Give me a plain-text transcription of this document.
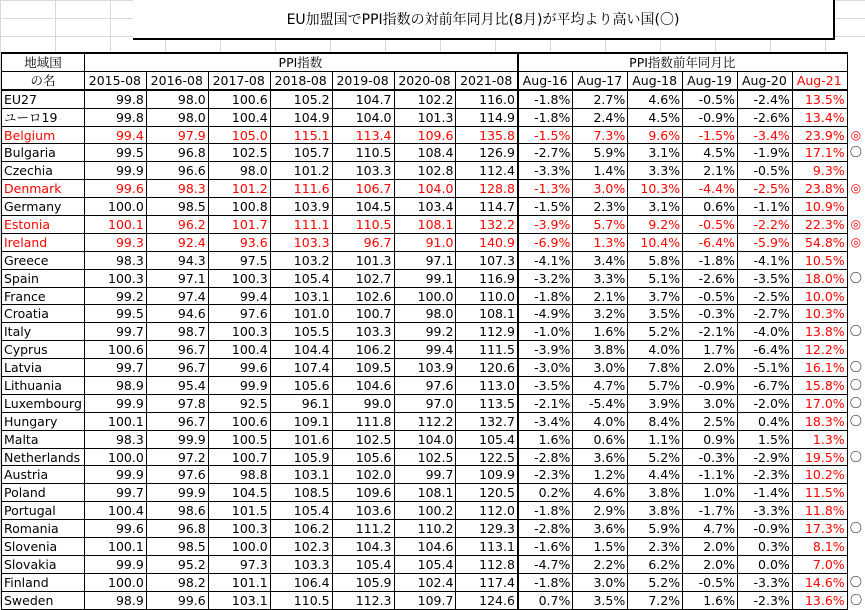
EU加盟国でPPI指数の対前年同月比(8月)が平均より高い国(〇)
地域国	PPI指数							PPI指数前年同月比						
の名	2015-08	2016-08	2017-08	2018-08	2019-08	2020-08	2021-08	Aug-16	Aug-17	Aug-18	Aug-19	Aug-20	Aug-21	
EU27	99.8	98.0	100.6	105.2	104.7	102.2	116.0	-1.8%	2.7%	4.6%	-0.5%	-2.4%	13.5%	
ユーロ19	99.8	98.0	100.4	104.9	104.0	101.3	114.9	-1.8%	2.4%	4.5%	-0.9%	-2.6%	13.4%	
Belgium	99.4	97.9	105.0	115.1	113.4	109.6	135.8	-1.5%	7.3%	9.6%	-1.5%	-3.4%	23.9%	◎
Bulgaria	99.5	96.8	102.5	105.7	110.5	108.4	126.9	-2.7%	5.9%	3.1%	4.5%	-1.9%	17.1%	〇
Czechia	99.9	96.6	98.0	101.2	103.3	102.8	112.4	-3.3%	1.4%	3.3%	2.1%	-0.5%	9.3%	
Denmark	99.6	98.3	101.2	111.6	106.7	104.0	128.8	-1.3%	3.0%	10.3%	-4.4%	-2.5%	23.8%	◎
Germany	100.0	98.5	100.8	103.9	104.5	103.4	114.7	-1.5%	2.3%	3.1%	0.6%	-1.1%	10.9%	
Estonia	100.1	96.2	101.7	111.1	110.5	108.1	132.2	-3.9%	5.7%	9.2%	-0.5%	-2.2%	22.3%	◎
Ireland	99.3	92.4	93.6	103.3	96.7	91.0	140.9	-6.9%	1.3%	10.4%	-6.4%	-5.9%	54.8%	◎
Greece	98.3	94.3	97.5	103.2	101.3	97.1	107.3	-4.1%	3.4%	5.8%	-1.8%	-4.1%	10.5%	
Spain	100.3	97.1	100.3	105.4	102.7	99.1	116.9	-3.2%	3.3%	5.1%	-2.6%	-3.5%	18.0%	〇
France	99.2	97.4	99.4	103.1	102.6	100.0	110.0	-1.8%	2.1%	3.7%	-0.5%	-2.5%	10.0%	
Croatia	99.5	94.6	97.6	101.0	100.7	98.0	108.1	-4.9%	3.2%	3.5%	-0.3%	-2.7%	10.3%	
Italy	99.7	98.7	100.3	105.5	103.3	99.2	112.9	-1.0%	1.6%	5.2%	-2.1%	-4.0%	13.8%	〇
Cyprus	100.6	96.7	100.4	104.4	106.2	99.4	111.5	-3.9%	3.8%	4.0%	1.7%	-6.4%	12.2%	
Latvia	99.7	96.7	99.6	107.4	109.5	103.9	120.6	-3.0%	3.0%	7.8%	2.0%	-5.1%	16.1%	〇
Lithuania	98.9	95.4	99.9	105.6	104.6	97.6	113.0	-3.5%	4.7%	5.7%	-0.9%	-6.7%	15.8%	〇
Luxembourg	99.9	97.8	92.5	96.1	99.0	97.0	113.5	-2.1%	-5.4%	3.9%	3.0%	-2.0%	17.0%	〇
Hungary	100.1	96.7	100.6	109.1	111.8	112.2	132.7	-3.4%	4.0%	8.4%	2.5%	0.4%	18.3%	〇
Malta	98.3	99.9	100.5	101.6	102.5	104.0	105.4	1.6%	0.6%	1.1%	0.9%	1.5%	1.3%	
Netherlands	100.0	97.2	100.7	105.9	105.6	102.5	122.5	-2.8%	3.6%	5.2%	-0.3%	-2.9%	19.5%	〇
Austria	99.9	97.6	98.8	103.1	102.0	99.7	109.9	-2.3%	1.2%	4.4%	-1.1%	-2.3%	10.2%	
Poland	99.7	99.9	104.5	108.5	109.6	108.1	120.5	0.2%	4.6%	3.8%	1.0%	-1.4%	11.5%	
Portugal	100.4	98.6	101.5	105.4	103.6	100.2	112.0	-1.8%	2.9%	3.8%	-1.7%	-3.3%	11.8%	
Romania	99.6	96.8	100.3	106.2	111.2	110.2	129.3	-2.8%	3.6%	5.9%	4.7%	-0.9%	17.3%	〇
Slovenia	100.1	98.5	100.0	102.3	104.3	104.6	113.1	-1.6%	1.5%	2.3%	2.0%	0.3%	8.1%	
Slovakia	99.9	95.2	97.3	103.3	105.4	105.4	112.8	-4.7%	2.2%	6.2%	2.0%	0.0%	7.0%	
Finland	100.0	98.2	101.1	106.4	105.9	102.4	117.4	-1.8%	3.0%	5.2%	-0.5%	-3.3%	14.6%	〇
Sweden	98.9	99.6	103.1	110.5	112.3	109.7	124.6	0.7%	3.5%	7.2%	1.6%	-2.3%	13.6%	〇
